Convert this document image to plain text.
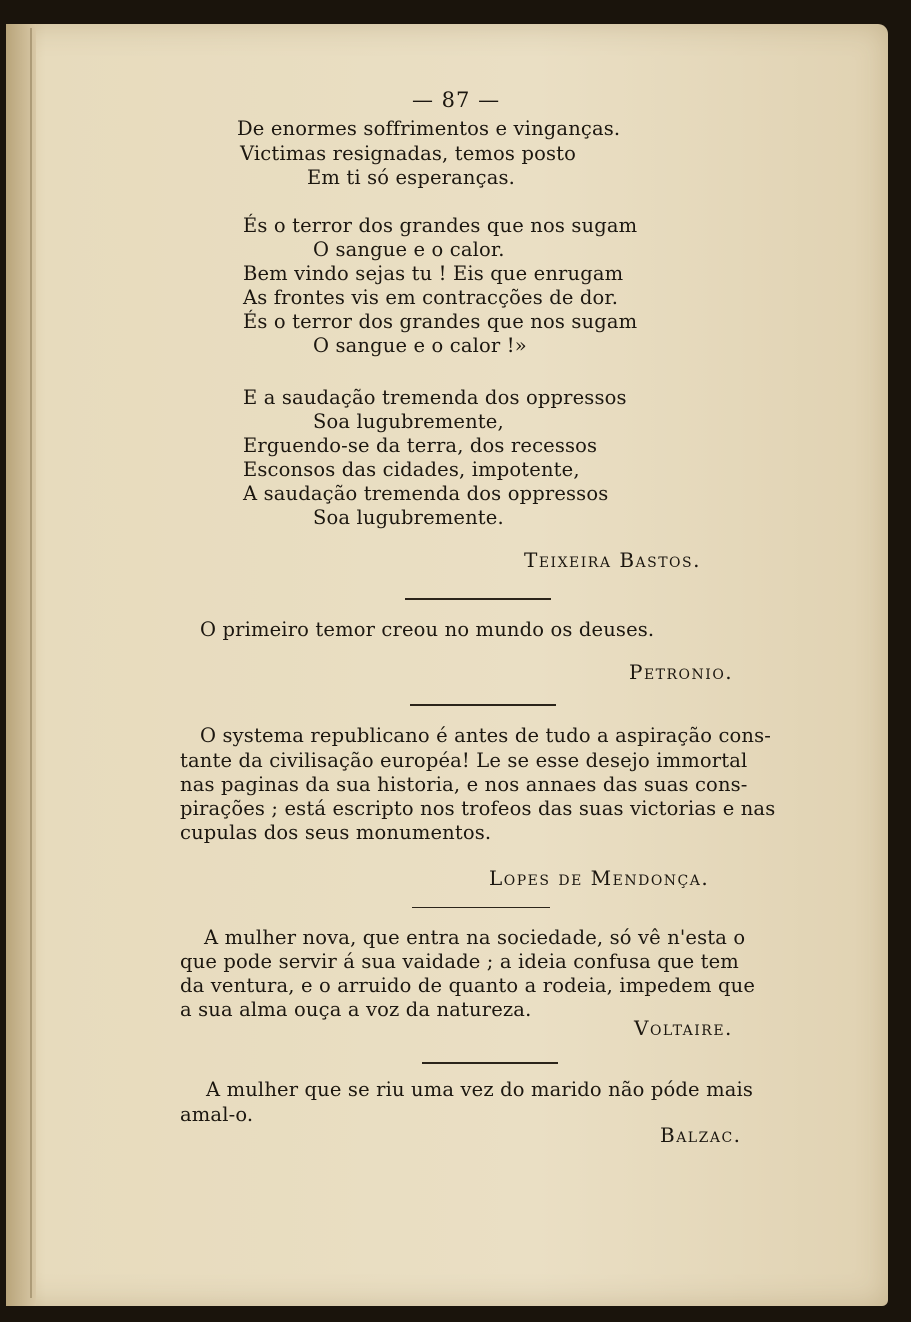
— 87 —
De enormes soffrimentos e vinganças.
Victimas resignadas, temos posto
Em ti só esperanças.
És o terror dos grandes que nos sugam
O sangue e o calor.
Bem vindo sejas tu ! Eis que enrugam
As frontes vis em contracções de dor.
És o terror dos grandes que nos sugam
O sangue e o calor !»
E a saudação tremenda dos oppressos
Soa lugubremente,
Erguendo-se da terra, dos recessos
Esconsos das cidades, impotente,
A saudação tremenda dos oppressos
Soa lugubremente.
Teixeira Bastos.
O primeiro temor creou no mundo os deuses.
Petronio.
O systema republicano é antes de tudo a aspiração cons-
tante da civilisação européa! Le se esse desejo immortal
nas paginas da sua historia, e nos annaes das suas cons-
pirações ; está escripto nos trofeos das suas victorias e nas
cupulas dos seus monumentos.
Lopes de Mendonça.
A mulher nova, que entra na sociedade, só vê n'esta o
que pode servir á sua vaidade ; a ideia confusa que tem
da ventura, e o arruido de quanto a rodeia, impedem que
a sua alma ouça a voz da natureza.
Voltaire.
A mulher que se riu uma vez do marido não póde mais
amal-o.
Balzac.
